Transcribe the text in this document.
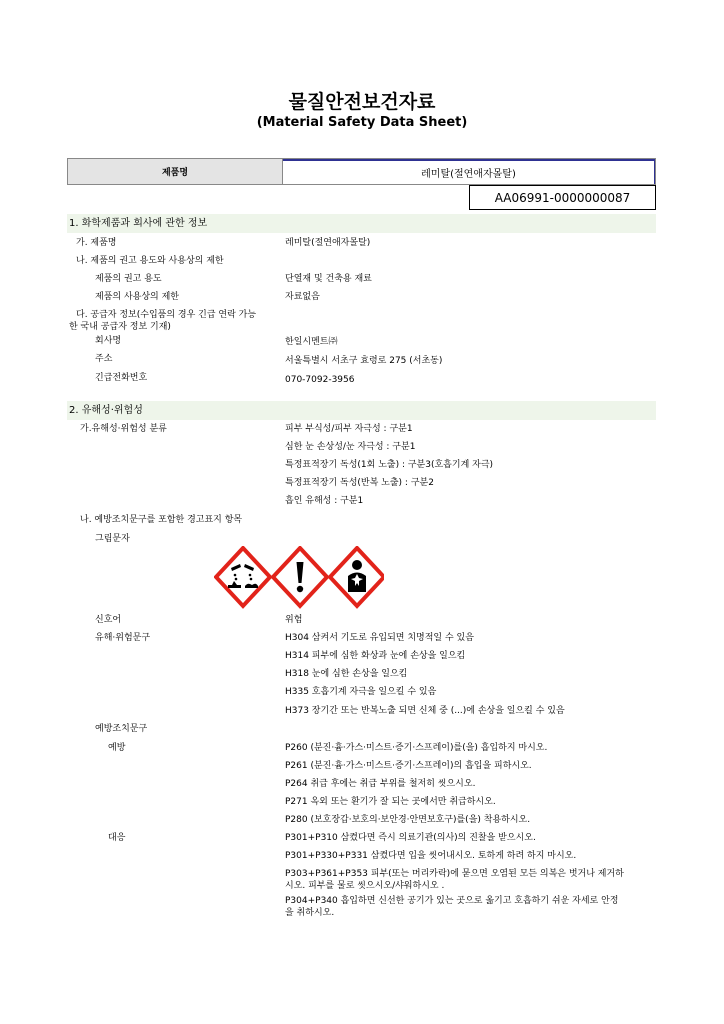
물질안전보건자료
(Material Safety Data Sheet)
제품명	레미탈(절연애자몰탈)
AA06991-0000000087
1. 화학제품과 회사에 관한 정보
가. 제품명	레미탈(절연애자몰탈)
나. 제품의 권고 용도와 사용상의 제한
제품의 권고 용도	단열재 및 건축용 재료
제품의 사용상의 제한	자료없음
다. 공급자 정보(수입품의 경우 긴급 연락 가능
한 국내 공급자 정보 기재)
회사명	한일시멘트㈜
주소	서울특별시 서초구 효령로 275 (서초동)
긴급전화번호	070-7092-3956
2. 유해성·위험성
가.유해성·위험성 분류	피부 부식성/피부 자극성 : 구분1
심한 눈 손상성/눈 자극성 : 구분1
특정표적장기 독성(1회 노출) : 구분3(호흡기계 자극)
특정표적장기 독성(반복 노출) : 구분2
흡인 유해성 : 구분1
나. 예방조치문구를 포함한 경고표지 항목
그림문자
신호어	위험
유해·위험문구	H304 삼켜서 기도로 유입되면 치명적일 수 있음
H314 피부에 심한 화상과 눈에 손상을 일으킴
H318 눈에 심한 손상을 일으킴
H335 호흡기계 자극을 일으킬 수 있음
H373 장기간 또는 반복노출 되면 신체 중 (...)에 손상을 일으킬 수 있음
예방조치문구
예방	P260 (분진·흄·가스·미스트·증기·스프레이)를(을) 흡입하지 마시오.
P261 (분진·흄·가스·미스트·증기·스프레이)의 흡입을 피하시오.
P264 취급 후에는 취급 부위를 철저히 씻으시오.
P271 옥외 또는 환기가 잘 되는 곳에서만 취급하시오.
P280 (보호장갑·보호의·보안경·안면보호구)를(을) 착용하시오.
대응	P301+P310 삼켰다면 즉시 의료기관(의사)의 진찰을 받으시오.
P301+P330+P331 삼켰다면 입을 씻어내시오. 토하게 하려 하지 마시오.
P303+P361+P353 피부(또는 머리카락)에 묻으면 오염된 모든 의복은 벗거나 제거하
시오. 피부를 물로 씻으시오/샤워하시오 .
P304+P340 흡입하면 신선한 공기가 있는 곳으로 옮기고 호흡하기 쉬운 자세로 안정
을 취하시오.
